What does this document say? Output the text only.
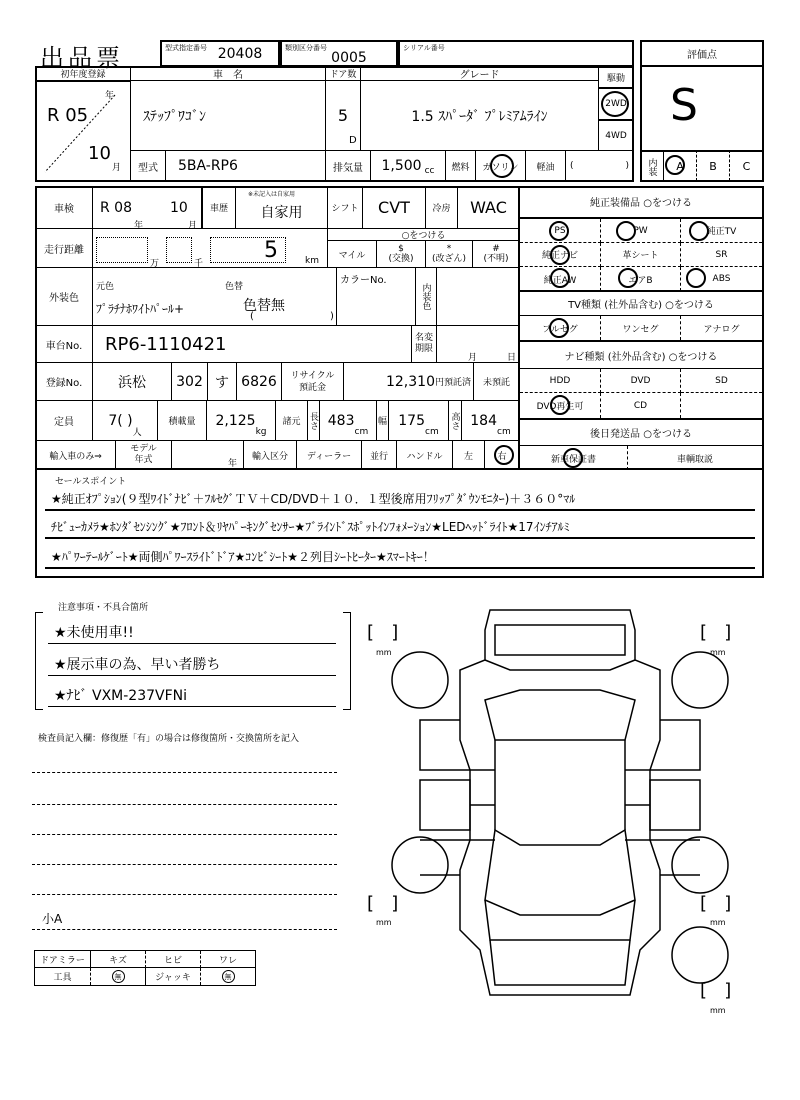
出品票	型式指定番号 20408	類別区分番号
0005
シリアル番号
評価点
S
内装	A	B	C
初年度登録
年
R 05
10
月
車　名
ｽﾃｯﾌﾟﾜｺﾞﾝ
ドア数
5
D
グレード
1.5 ｽﾊﾟｰﾀﾞ ﾌﾟﾚﾐｱﾑﾗｲﾝ
駆動
2WD
4WD
型式	5BA-RP6	排気量	1,500 cc	燃料	ガソリン	軽油	(	)
車検	R 08
年
10
月
車歴	自家用
※未記入は自家用
シフト	CVT	冷房	WAC
走行距離
万	千
5	km
○をつける
マイル
$
(交換)
*
(改ざん)
#
(不明)
外装色
元色
ﾌﾟﾗﾁﾅﾎﾜｲﾄﾊﾟｰﾙ+
色替
色替無
(	)
カラーNo.
内装色
車台No.	RP6-1110421	名変期限
月	日
登録No.	浜松	302 す 6826	リサイクル預託金	12,310 円預託済	未預託
定員	7( )
人
積載量	2,125
kg
諸元 長さ 483
cm
幅 175
cm
高さ 184
cm
輸入車のみ⇒
モデル年式	年
輸入区分	ディーラー	並行	ハンドル	左	右
純正装備品 ○をつける
PS	PW	純正TV
純正ナビ	革シート	SR
純正AW	エアB	ABS
TV種類 (社外品含む) ○をつける
フルセグ	ワンセグ	アナログ
ナビ種類 (社外品含む) ○をつける
HDD	DVD	SD
DVD再生可	CD
後日発送品 ○をつける
新車保証書	車輌取説
セールスポイント
★純正ｵﾌﾟｼｮﾝ(９型ﾜｲﾄﾞﾅﾋﾞ＋ﾌﾙｾｸﾞＴＶ＋CD/DVD＋１０．１型後席用ﾌﾘｯﾌﾟﾀﾞｳﾝﾓﾆﾀｰ)＋３６０°ﾏﾙ
ﾁﾋﾞｭｰｶﾒﾗ★ﾎﾝﾀﾞｾﾝｼﾝｸﾞ★ﾌﾛﾝﾄ＆ﾘﾔﾊﾟｰｷﾝｸﾞｾﾝｻｰ★ﾌﾞﾗｲﾝﾄﾞｽﾎﾟｯﾄｲﾝﾌｫﾒｰｼｮﾝ★LEDﾍｯﾄﾞﾗｲﾄ★17ｲﾝﾁｱﾙﾐ
★ﾊﾟﾜｰﾃｰﾙｹﾞｰﾄ★両側ﾊﾟﾜｰｽﾗｲﾄﾞﾄﾞｱ★ｺﾝﾋﾞｼｰﾄ★２列目ｼｰﾄﾋｰﾀｰ★ｽﾏｰﾄｷｰ！
注意事項・不具合箇所
★未使用車!!
★展示車の為、早い者勝ち
★ﾅﾋﾞ VXM-237VFNi
検査員記入欄：修復歴「有」の場合は修復箇所・交換箇所を記入
小A
ドアミラー	キズ	ヒビ	ワレ
工具	無	ジャッキ	無
[   ]
mm
[   ]
mm
[   ]
mm
[   ]
mm
[   ]
mm
